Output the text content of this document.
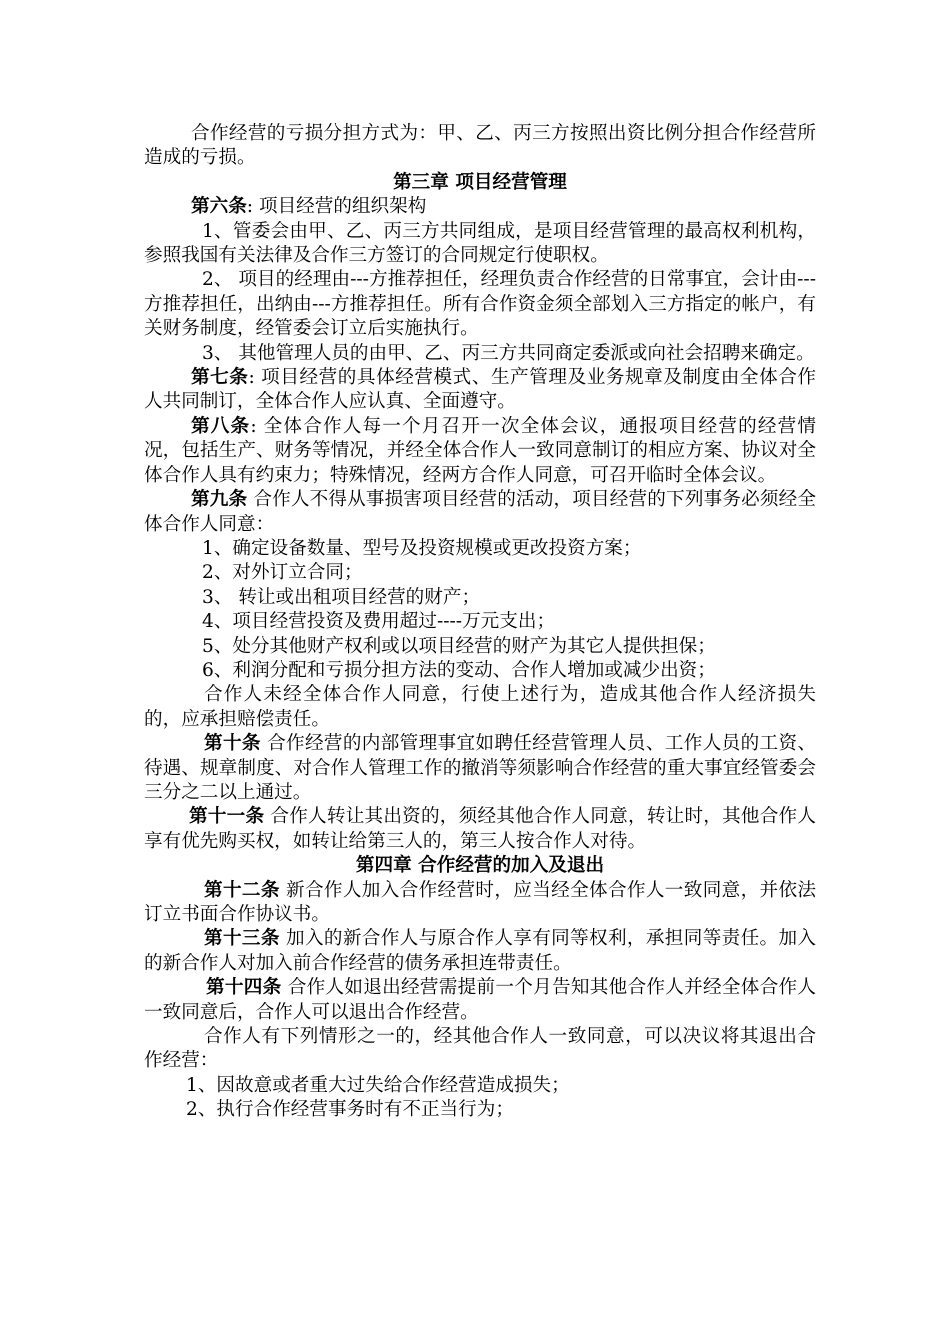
合作经营的亏损分担方式为：甲、乙、丙三方按照出资比例分担合作经营所造成的亏损。

第三章 项目经营管理

第六条: 项目经营的组织架构

1、管委会由甲、乙、丙三方共同组成，是项目经营管理的最高权利机构，参照我国有关法律及合作三方签订的合同规定行使职权。

2、 项目的经理由---方推荐担任，经理负责合作经营的日常事宜，会计由---方推荐担任，出纳由---方推荐担任。所有合作资金须全部划入三方指定的帐户，有关财务制度，经管委会订立后实施执行。

3、 其他管理人员的由甲、乙、丙三方共同商定委派或向社会招聘来确定。

第七条: 项目经营的具体经营模式、生产管理及业务规章及制度由全体合作人共同制订，全体合作人应认真、全面遵守。

第八条: 全体合作人每一个月召开一次全体会议，通报项目经营的经营情况，包括生产、财务等情况，并经全体合作人一致同意制订的相应方案、协议对全体合作人具有约束力；特殊情况，经两方合作人同意，可召开临时全体会议。

第九条 合作人不得从事损害项目经营的活动，项目经营的下列事务必须经全体合作人同意：

1、确定设备数量、型号及投资规模或更改投资方案；

2、对外订立合同；

3、 转让或出租项目经营的财产；

4、项目经营投资及费用超过----万元支出；

5、处分其他财产权利或以项目经营的财产为其它人提供担保；

6、利润分配和亏损分担方法的变动、合作人增加或减少出资；

合作人未经全体合作人同意，行使上述行为，造成其他合作人经济损失的，应承担赔偿责任。

第十条 合作经营的内部管理事宜如聘任经营管理人员、工作人员的工资、待遇、规章制度、对合作人管理工作的撤消等须影响合作经营的重大事宜经管委会三分之二以上通过。

第十一条 合作人转让其出资的，须经其他合作人同意，转让时，其他合作人享有优先购买权，如转让给第三人的，第三人按合作人对待。

第四章 合作经营的加入及退出

第十二条 新合作人加入合作经营时，应当经全体合作人一致同意，并依法订立书面合作协议书。

第十三条 加入的新合作人与原合作人享有同等权利，承担同等责任。加入的新合作人对加入前合作经营的债务承担连带责任。

第十四条 合作人如退出经营需提前一个月告知其他合作人并经全体合作人一致同意后，合作人可以退出合作经营。

合作人有下列情形之一的，经其他合作人一致同意，可以决议将其退出合作经营：

1、因故意或者重大过失给合作经营造成损失；

2、执行合作经营事务时有不正当行为；
